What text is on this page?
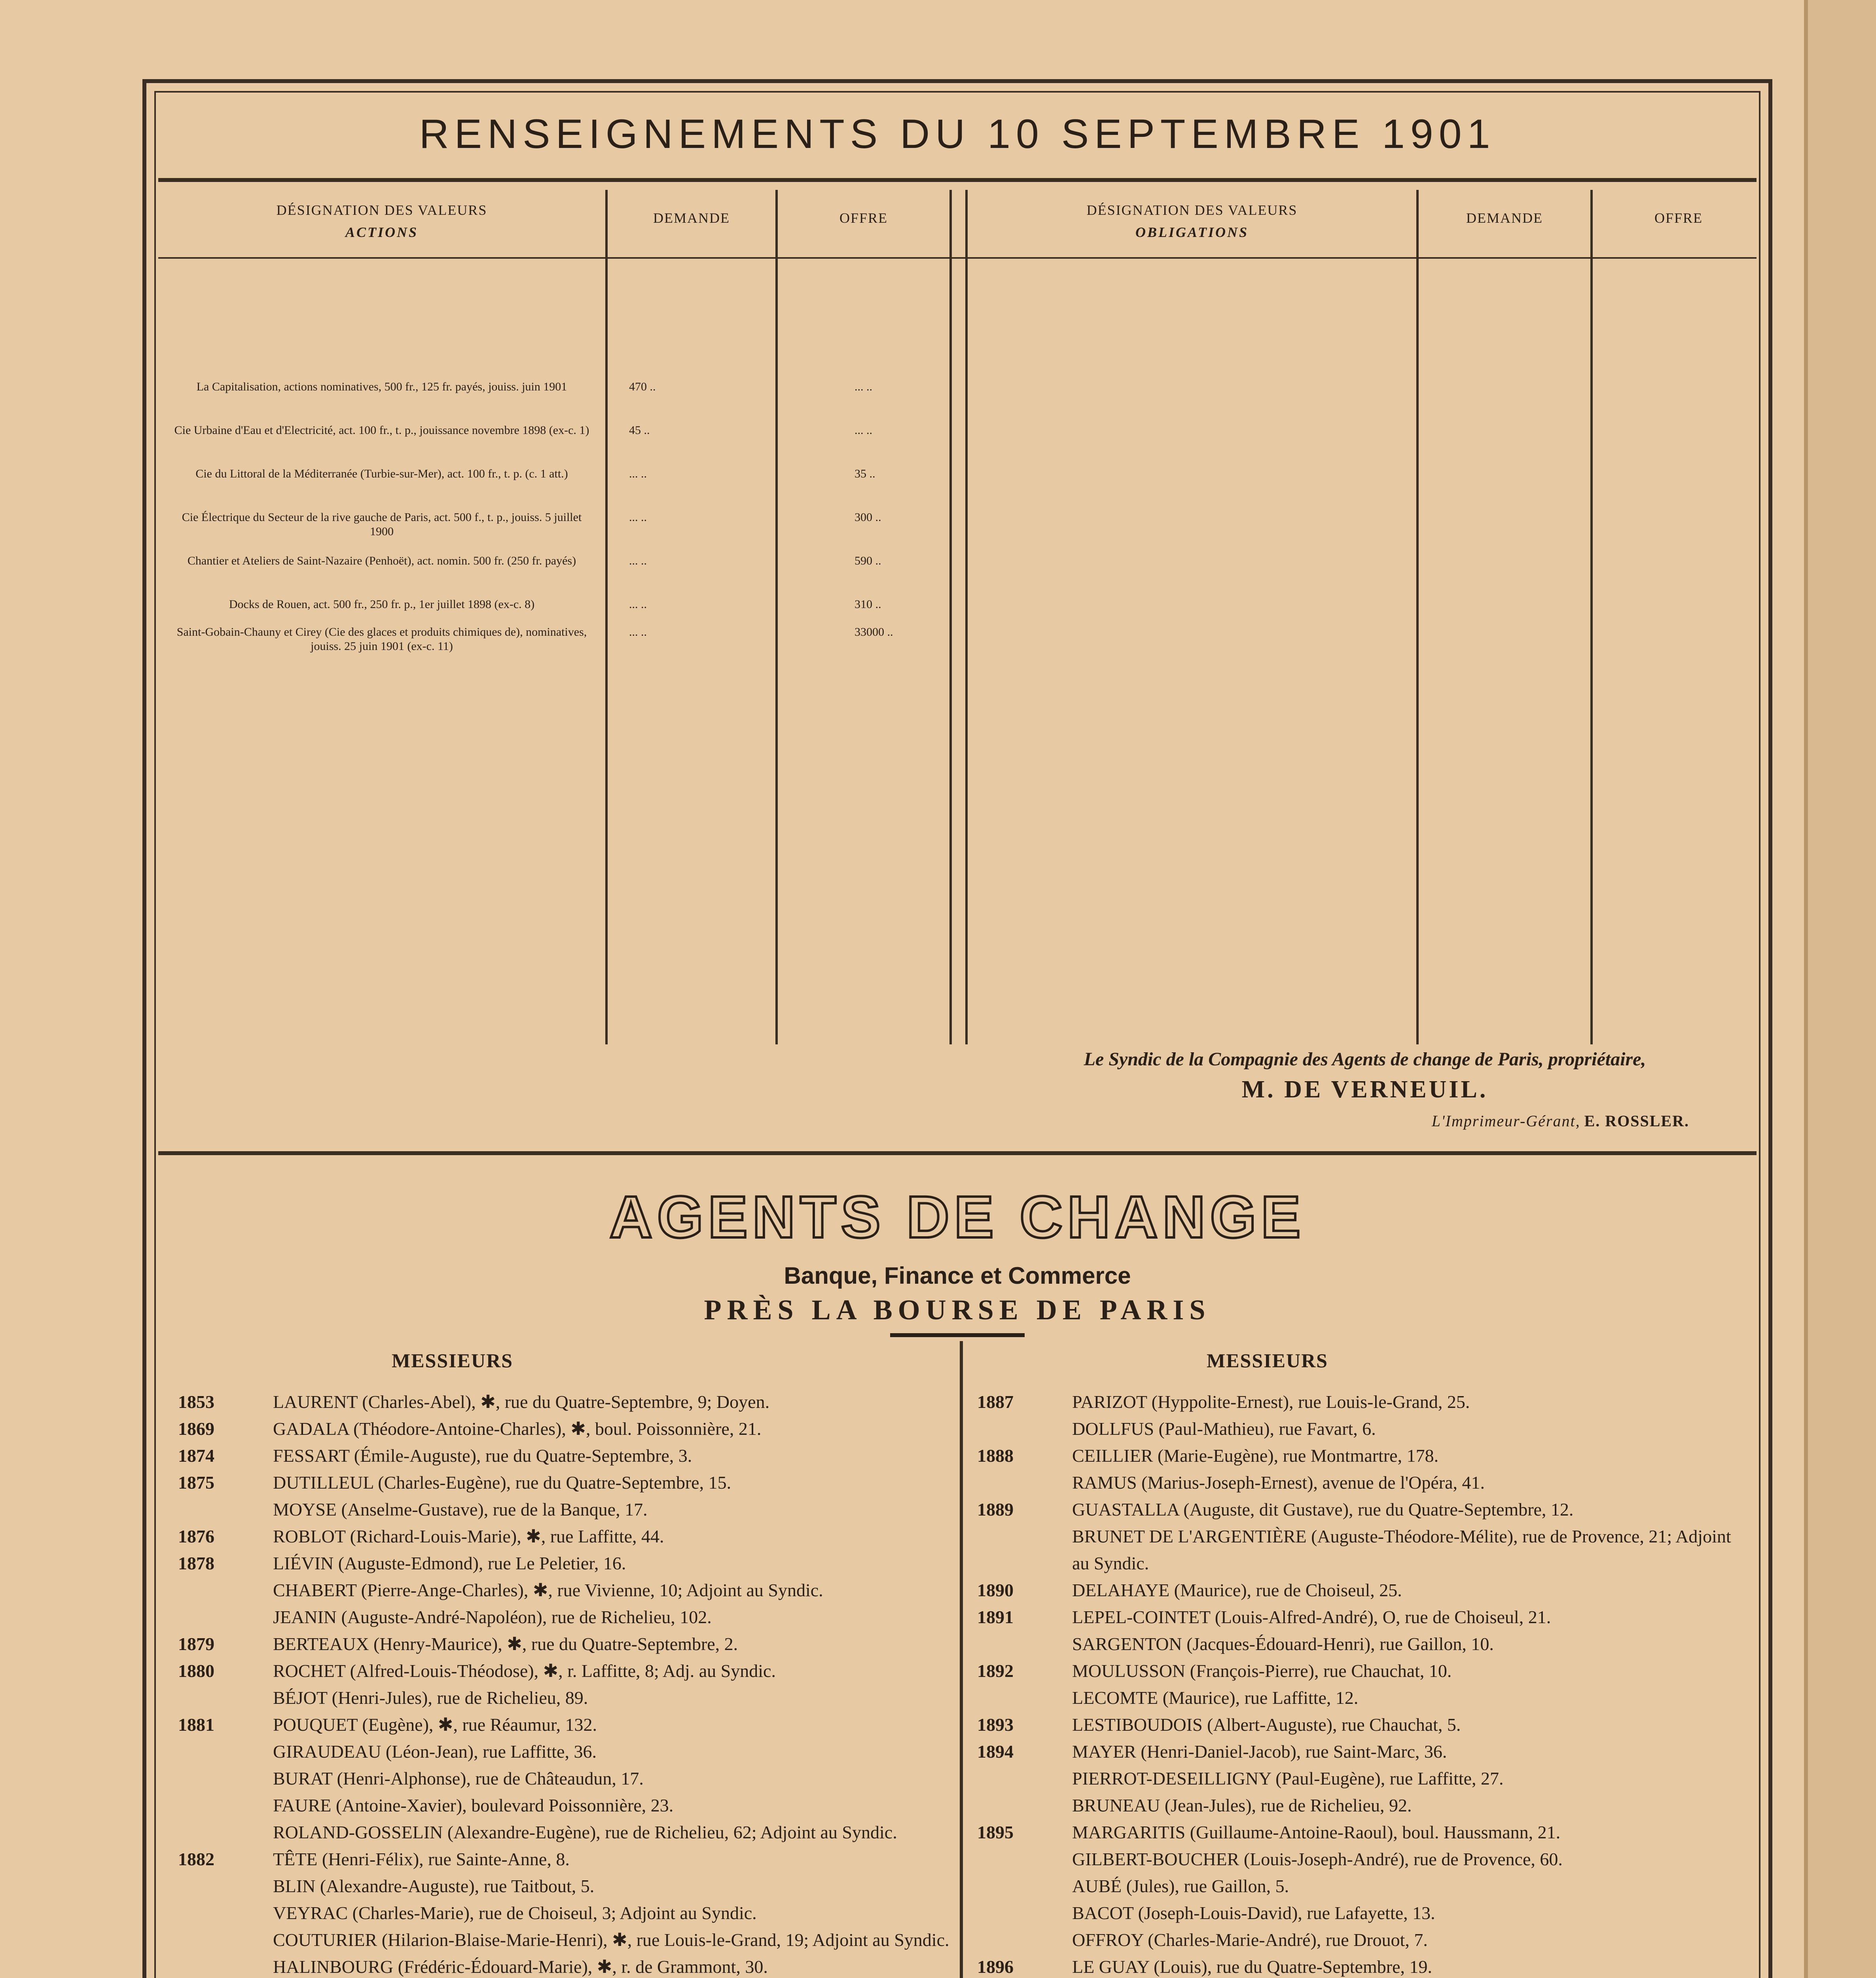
RENSEIGNEMENTS DU 10 SEPTEMBRE 1901
DÉSIGNATION DES VALEURS
ACTIONS
DEMANDE	OFFRE	DÉSIGNATION DES VALEURS
OBLIGATIONS
DEMANDE	OFFRE
La Capitalisation, actions nominatives, 500 fr., 125 fr. payés, jouiss. juin 1901	470 ..	... ..
Cie Urbaine d'Eau et d'Electricité, act. 100 fr., t. p., jouissance novembre 1898 (ex-c. 1)	45 ..	... ..
Cie du Littoral de la Méditerranée (Turbie-sur-Mer), act. 100 fr., t. p. (c. 1 att.)	... ..	35 ..
Cie Électrique du Secteur de la rive gauche de Paris, act. 500 f., t. p., jouiss. 5 juillet 1900
... ..	300 ..
Chantier et Ateliers de Saint-Nazaire (Penhoët), act. nomin. 500 fr. (250 fr. payés)	... ..	590 ..
Docks de Rouen, act. 500 fr., 250 fr. p., 1er juillet 1898 (ex-c. 8)	... ..	310 ..
Saint-Gobain-Chauny et Cirey (Cie des glaces et produits chimiques de), nominatives, jouiss. 25 juin 1901 (ex-c. 11)
... ..	33000 ..
Le Syndic de la Compagnie des Agents de change de Paris, propriétaire,
M. DE VERNEUIL.
L'Imprimeur-Gérant, E. ROSSLER.
AGENTS DE CHANGE
Banque, Finance et Commerce
PRÈS LA BOURSE DE PARIS
MESSIEURS	MESSIEURS
1853	LAURENT (Charles-Abel), ✱, rue du Quatre-Septembre, 9; Doyen.
1869	GADALA (Théodore-Antoine-Charles), ✱, boul. Poissonnière, 21.
1874	FESSART (Émile-Auguste), rue du Quatre-Septembre, 3.
1875	DUTILLEUL (Charles-Eugène), rue du Quatre-Septembre, 15.
MOYSE (Anselme-Gustave), rue de la Banque, 17.
1876	ROBLOT (Richard-Louis-Marie), ✱, rue Laffitte, 44.
1878	LIÉVIN (Auguste-Edmond), rue Le Peletier, 16.
CHABERT (Pierre-Ange-Charles), ✱, rue Vivienne, 10; Adjoint au Syndic.
JEANIN (Auguste-André-Napoléon), rue de Richelieu, 102.
1879	BERTEAUX (Henry-Maurice), ✱, rue du Quatre-Septembre, 2.
1880	ROCHET (Alfred-Louis-Théodose), ✱, r. Laffitte, 8; Adj. au Syndic.
BÉJOT (Henri-Jules), rue de Richelieu, 89.
1881	POUQUET (Eugène), ✱, rue Réaumur, 132.
GIRAUDEAU (Léon-Jean), rue Laffitte, 36.
BURAT (Henri-Alphonse), rue de Châteaudun, 17.
FAURE (Antoine-Xavier), boulevard Poissonnière, 23.
ROLAND-GOSSELIN (Alexandre-Eugène), rue de Richelieu, 62; Adjoint au Syndic.
1882	TÊTE (Henri-Félix), rue Sainte-Anne, 8.
BLIN (Alexandre-Auguste), rue Taitbout, 5.
VEYRAC (Charles-Marie), rue de Choiseul, 3; Adjoint au Syndic.
COUTURIER (Hilarion-Blaise-Marie-Henri), ✱, rue Louis-le-Grand, 19; Adjoint au Syndic.
HALINBOURG (Frédéric-Édouard-Marie), ✱, r. de Grammont, 30.
1887	PARIZOT (Hyppolite-Ernest), rue Louis-le-Grand, 25.
DOLLFUS (Paul-Mathieu), rue Favart, 6.
1888	CEILLIER (Marie-Eugène), rue Montmartre, 178.
RAMUS (Marius-Joseph-Ernest), avenue de l'Opéra, 41.
1889	GUASTALLA (Auguste, dit Gustave), rue du Quatre-Septembre, 12.
BRUNET DE L'ARGENTIÈRE (Auguste-Théodore-Mélite), rue de Provence, 21; Adjoint au Syndic.
1890	DELAHAYE (Maurice), rue de Choiseul, 25.
1891	LEPEL-COINTET (Louis-Alfred-André), O, rue de Choiseul, 21.
SARGENTON (Jacques-Édouard-Henri), rue Gaillon, 10.
1892	MOULUSSON (François-Pierre), rue Chauchat, 10.
LECOMTE (Maurice), rue Laffitte, 12.
1893	LESTIBOUDOIS (Albert-Auguste), rue Chauchat, 5.
1894	MAYER (Henri-Daniel-Jacob), rue Saint-Marc, 36.
PIERROT-DESEILLIGNY (Paul-Eugène), rue Laffitte, 27.
BRUNEAU (Jean-Jules), rue de Richelieu, 92.
1895	MARGARITIS (Guillaume-Antoine-Raoul), boul. Haussmann, 21.
GILBERT-BOUCHER (Louis-Joseph-André), rue de Provence, 60.
AUBÉ (Jules), rue Gaillon, 5.
BACOT (Joseph-Louis-David), rue Lafayette, 13.
OFFROY (Charles-Marie-André), rue Drouot, 7.
1896	LE GUAY (Louis), rue du Quatre-Septembre, 19.
